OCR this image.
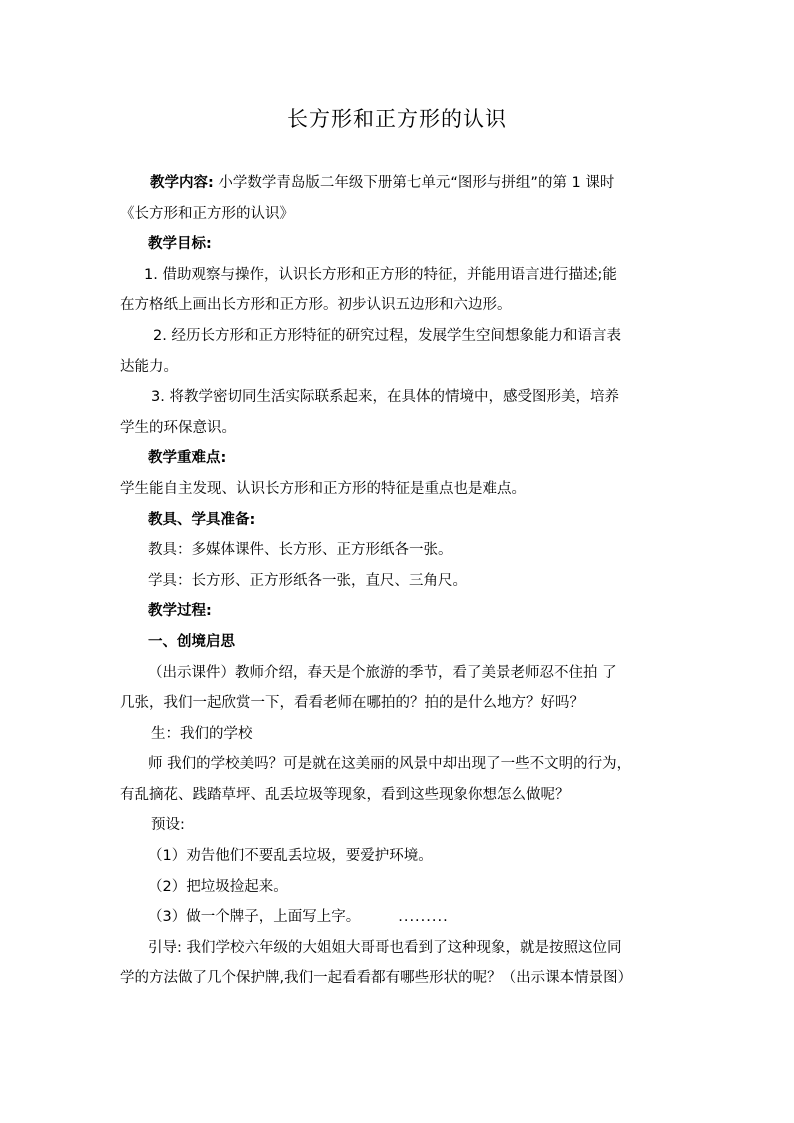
长方形和正方形的认识

教学内容: 小学数学青岛版二年级下册第七单元“图形与拼组”的第 1 课时

《长方形和正方形的认识》

教学目标:

1. 借助观察与操作，认识长方形和正方形的特征，并能用语言进行描述;能

在方格纸上画出长方形和正方形。初步认识五边形和六边形。

2. 经历长方形和正方形特征的研究过程，发展学生空间想象能力和语言表

达能力。

3. 将教学密切同生活实际联系起来，在具体的情境中，感受图形美，培养

学生的环保意识。

教学重难点:

学生能自主发现、认识长方形和正方形的特征是重点也是难点。

教具、学具准备:

教具：多媒体课件、长方形、正方形纸各一张。

学具：长方形、正方形纸各一张，直尺、三角尺。

教学过程:

一、创境启思

（出示课件）教师介绍，春天是个旅游的季节，看了美景老师忍不住拍 了

几张，我们一起欣赏一下，看看老师在哪拍的？拍的是什么地方？好吗？

生：我们的学校

师 我们的学校美吗？可是就在这美丽的风景中却出现了一些不文明的行为，

有乱摘花、践踏草坪、乱丢垃圾等现象，看到这些现象你想怎么做呢？

预设:

（1）劝告他们不要乱丢垃圾，要爱护环境。

（2）把垃圾捡起来。

（3）做一个牌子，上面写上字。	.........

引导: 我们学校六年级的大姐姐大哥哥也看到了这种现象，就是按照这位同

学的方法做了几个保护牌,我们一起看看都有哪些形状的呢？（出示课本情景图）
